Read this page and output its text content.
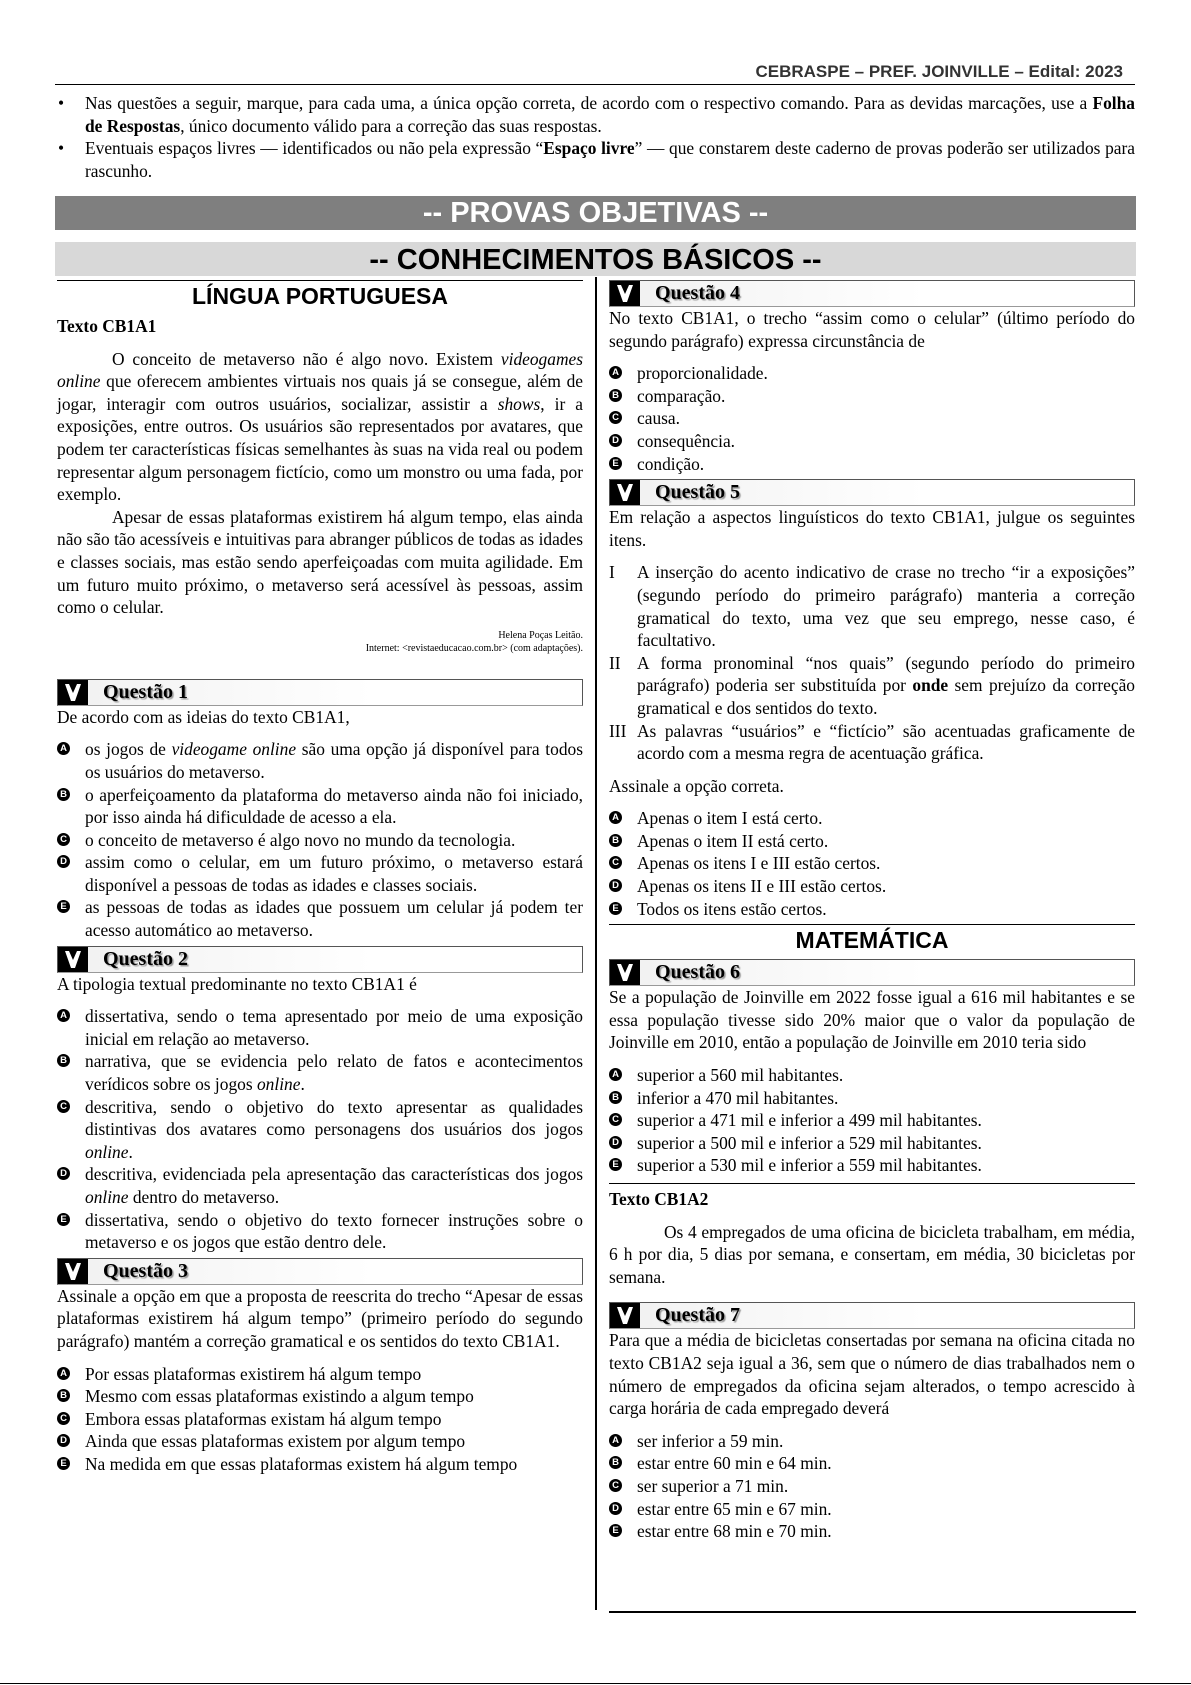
CEBRASPE – PREF. JOINVILLE – Edital: 2023
• Nas questões a seguir, marque, para cada uma, a única opção correta, de acordo com o respectivo comando. Para as devidas marcações, use a Folha de Respostas, único documento válido para a correção das suas respostas.
• Eventuais espaços livres — identificados ou não pela expressão “Espaço livre” — que constarem deste caderno de provas poderão ser utilizados para rascunho.
-- PROVAS OBJETIVAS --
-- CONHECIMENTOS BÁSICOS --
LÍNGUA PORTUGUESA

Texto CB1A1

O conceito de metaverso não é algo novo. Existem videogames online que oferecem ambientes virtuais nos quais já se consegue, além de jogar, interagir com outros usuários, socializar, assistir a shows, ir a exposições, entre outros. Os usuários são representados por avatares, que podem ter características físicas semelhantes às suas na vida real ou podem representar algum personagem fictício, como um monstro ou uma fada, por exemplo.

Apesar de essas plataformas existirem há algum tempo, elas ainda não são tão acessíveis e intuitivas para abranger públicos de todas as idades e classes sociais, mas estão sendo aperfeiçoadas com muita agilidade. Em um futuro muito próximo, o metaverso será acessível às pessoas, assim como o celular.

Helena Poças Leitão.

Internet: <revistaeducacao.com.br> (com adaptações).

Questão 1

De acordo com as ideias do texto CB1A1,

A os jogos de videogame online são uma opção já disponível para todos os usuários do metaverso.
B o aperfeiçoamento da plataforma do metaverso ainda não foi iniciado, por isso ainda há dificuldade de acesso a ela.
C o conceito de metaverso é algo novo no mundo da tecnologia.
D assim como o celular, em um futuro próximo, o metaverso estará disponível a pessoas de todas as idades e classes sociais.
E as pessoas de todas as idades que possuem um celular já podem ter acesso automático ao metaverso.
Questão 2

A tipologia textual predominante no texto CB1A1 é

A dissertativa, sendo o tema apresentado por meio de uma exposição inicial em relação ao metaverso.
B narrativa, que se evidencia pelo relato de fatos e acontecimentos verídicos sobre os jogos online.
C descritiva, sendo o objetivo do texto apresentar as qualidades distintivas dos avatares como personagens dos usuários dos jogos online.
D descritiva, evidenciada pela apresentação das características dos jogos online dentro do metaverso.
E dissertativa, sendo o objetivo do texto fornecer instruções sobre o metaverso e os jogos que estão dentro dele.
Questão 3

Assinale a opção em que a proposta de reescrita do trecho “Apesar de essas plataformas existirem há algum tempo” (primeiro período do segundo parágrafo) mantém a correção gramatical e os sentidos do texto CB1A1.

A Por essas plataformas existirem há algum tempo
B Mesmo com essas plataformas existindo a algum tempo
C Embora essas plataformas existam há algum tempo
D Ainda que essas plataformas existem por algum tempo
E Na medida em que essas plataformas existem há algum tempo
Questão 4

No texto CB1A1, o trecho “assim como o celular” (último período do segundo parágrafo) expressa circunstância de

A proporcionalidade.
B comparação.
C causa.
D consequência.
E condição.
Questão 5

Em relação a aspectos linguísticos do texto CB1A1, julgue os seguintes itens.

I A inserção do acento indicativo de crase no trecho “ir a exposições” (segundo período do primeiro parágrafo) manteria a correção gramatical do texto, uma vez que seu emprego, nesse caso, é facultativo.
II A forma pronominal “nos quais” (segundo período do primeiro parágrafo) poderia ser substituída por onde sem prejuízo da correção gramatical e dos sentidos do texto.
III As palavras “usuários” e “fictício” são acentuadas graficamente de acordo com a mesma regra de acentuação gráfica.

Assinale a opção correta.

A Apenas o item I está certo.
B Apenas o item II está certo.
C Apenas os itens I e III estão certos.
D Apenas os itens II e III estão certos.
E Todos os itens estão certos.
MATEMÁTICA
Questão 6

Se a população de Joinville em 2022 fosse igual a 616 mil habitantes e se essa população tivesse sido 20% maior que o valor da população de Joinville em 2010, então a população de Joinville em 2010 teria sido

A superior a 560 mil habitantes.
B inferior a 470 mil habitantes.
C superior a 471 mil e inferior a 499 mil habitantes.
D superior a 500 mil e inferior a 529 mil habitantes.
E superior a 530 mil e inferior a 559 mil habitantes.

Texto CB1A2

Os 4 empregados de uma oficina de bicicleta trabalham, em média, 6 h por dia, 5 dias por semana, e consertam, em média, 30 bicicletas por semana.

Questão 7

Para que a média de bicicletas consertadas por semana na oficina citada no texto CB1A2 seja igual a 36, sem que o número de dias trabalhados nem o número de empregados da oficina sejam alterados, o tempo acrescido à carga horária de cada empregado deverá

A ser inferior a 59 min.
B estar entre 60 min e 64 min.
C ser superior a 71 min.
D estar entre 65 min e 67 min.
E estar entre 68 min e 70 min.
